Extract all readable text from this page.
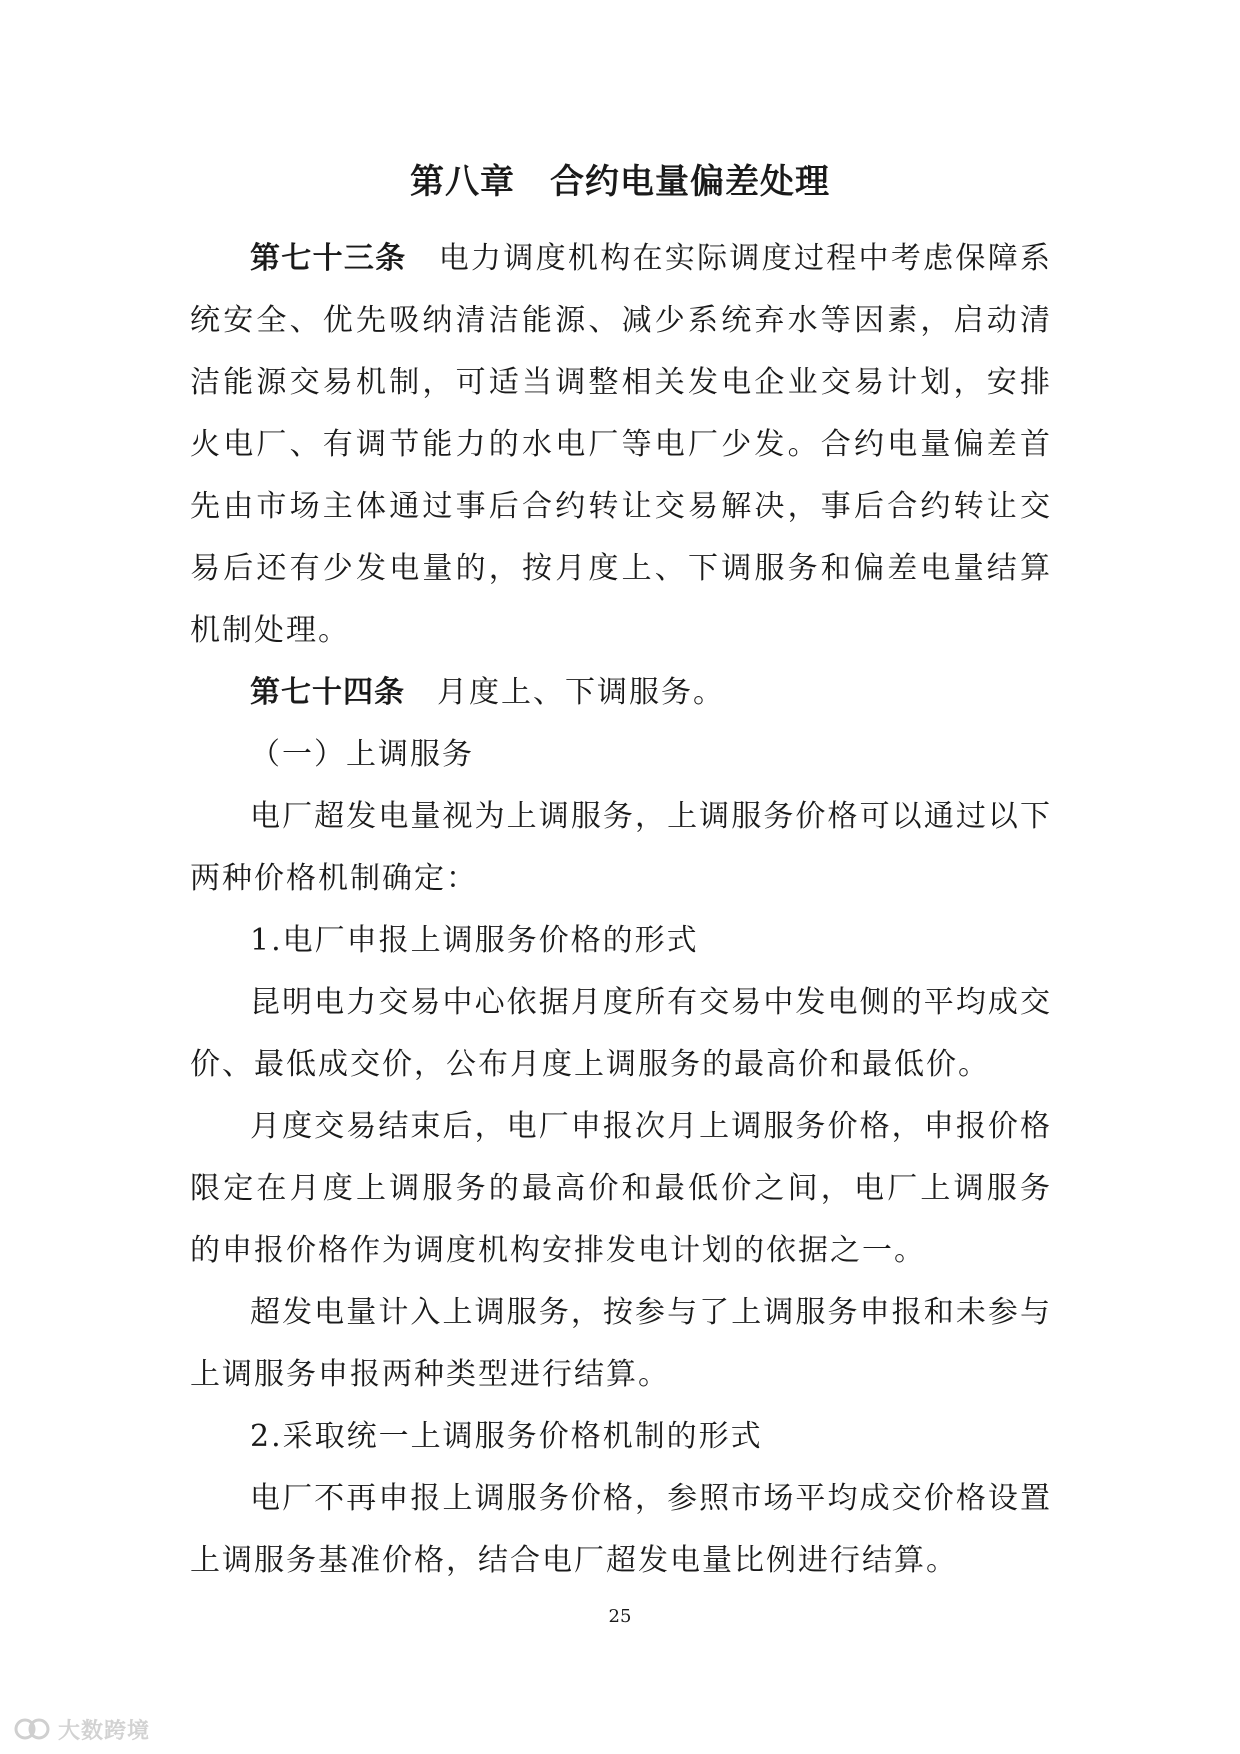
第八章　合约电量偏差处理

第七十三条　 电力调度机构在实际调度过程中考虑保障系统安全、优先吸纳清洁能源、减少系统弃水等因素，启动清洁能源交易机制，可适当调整相关发电企业交易计划，安排火电厂、有调节能力的水电厂等电厂少发。合约电量偏差首先由市场主体通过事后合约转让交易解决，事后合约转让交易后还有少发电量的，按月度上、下调服务和偏差电量结算机制处理。

第七十四条　 月度上、下调服务。

（一）上调服务

电厂超发电量视为上调服务，上调服务价格可以通过以下两种价格机制确定：

1.电厂申报上调服务价格的形式

昆明电力交易中心依据月度所有交易中发电侧的平均成交价、最低成交价，公布月度上调服务的最高价和最低价。

月度交易结束后，电厂申报次月上调服务价格，申报价格限定在月度上调服务的最高价和最低价之间，电厂上调服务的申报价格作为调度机构安排发电计划的依据之一。

超发电量计入上调服务，按参与了上调服务申报和未参与上调服务申报两种类型进行结算。

2.采取统一上调服务价格机制的形式

电厂不再申报上调服务价格，参照市场平均成交价格设置上调服务基准价格，结合电厂超发电量比例进行结算。

25
大数跨境
